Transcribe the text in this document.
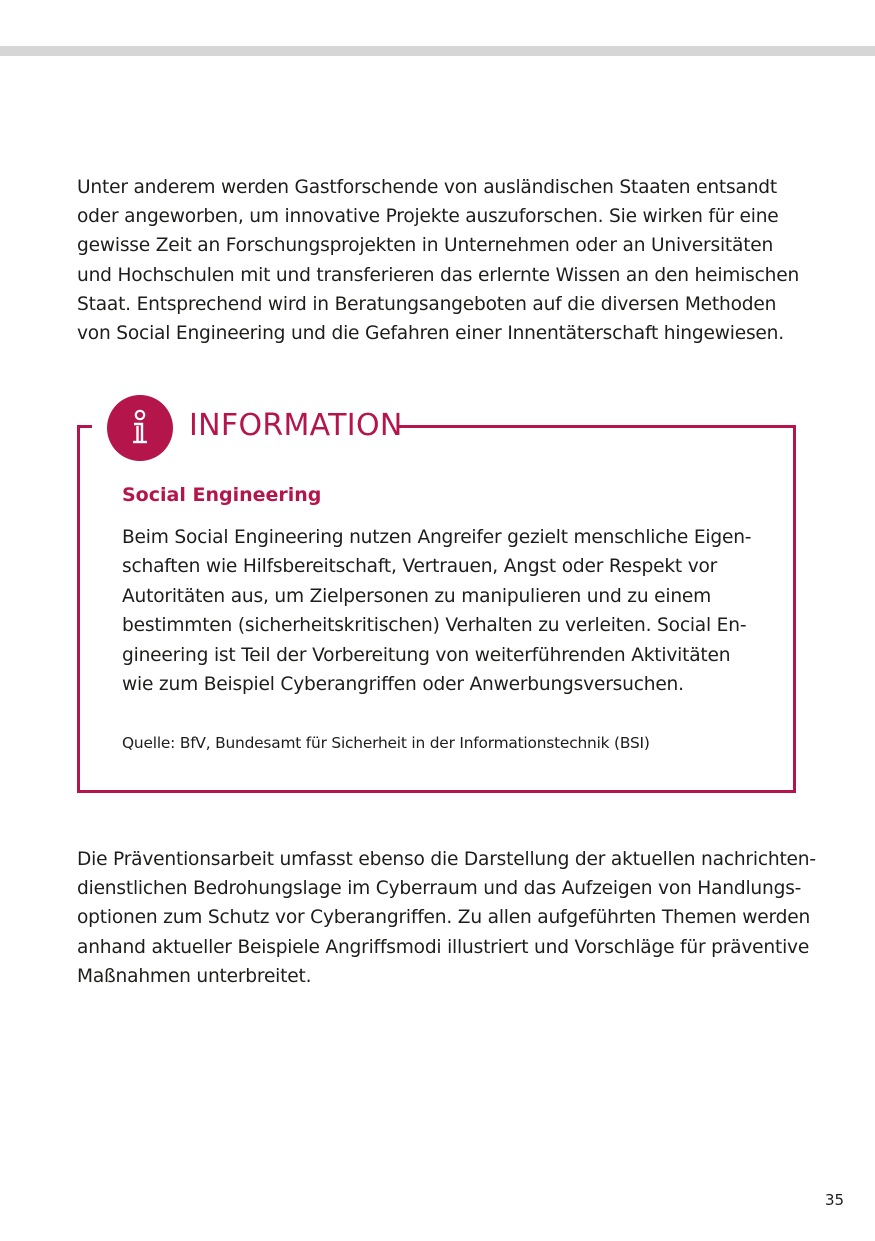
Unter anderem werden Gastforschende von ausländischen Staaten entsandt
oder angeworben, um innovative Projekte auszuforschen. Sie wirken für eine
gewisse Zeit an Forschungsprojekten in Unternehmen oder an Universitäten
und Hochschulen mit und transferieren das erlernte Wissen an den heimischen
Staat. Entsprechend wird in Beratungsangeboten auf die diversen Methoden
von Social Engineering und die Gefahren einer Innentäterschaft hingewiesen.

INFORMATION
Social Engineering

Beim Social Engineering nutzen Angreifer gezielt menschliche Eigen-
schaften wie Hilfsbereitschaft, Vertrauen, Angst oder Respekt vor
Autoritäten aus, um Zielpersonen zu manipulieren und zu einem
bestimmten (sicherheitskritischen) Verhalten zu verleiten. Social En-
gineering ist Teil der Vorbereitung von weiterführenden Aktivitäten
wie zum Beispiel Cyberangriffen oder Anwerbungsversuchen.

Quelle: BfV, Bundesamt für Sicherheit in der Informationstechnik (BSI)

Die Präventionsarbeit umfasst ebenso die Darstellung der aktuellen nachrichten-
dienstlichen Bedrohungslage im Cyberraum und das Aufzeigen von Handlungs-
optionen zum Schutz vor Cyberangriffen. Zu allen aufgeführten Themen werden
anhand aktueller Beispiele Angriffsmodi illustriert und Vorschläge für präventive
Maßnahmen unterbreitet.

35
